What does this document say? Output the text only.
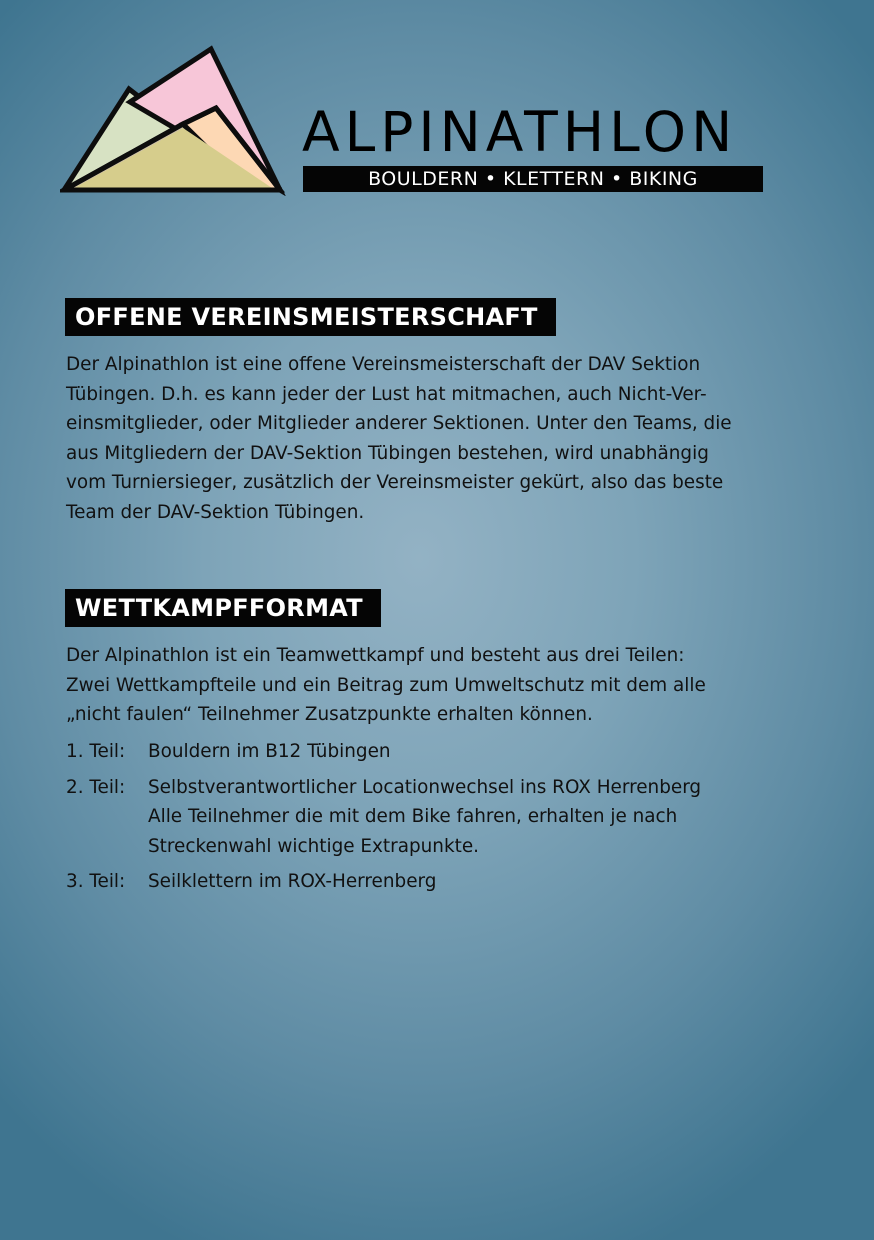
ALPINATHLON
BOULDERN • KLETTERN • BIKING
OFFENE VEREINSMEISTERSCHAFT

Der Alpinathlon ist eine offene Vereinsmeisterschaft der DAV Sektion
Tübingen. D.h. es kann jeder der Lust hat mitmachen, auch Nicht-Ver-
einsmitglieder, oder Mitglieder anderer Sektionen. Unter den Teams, die
aus Mitgliedern der DAV-Sektion Tübingen bestehen, wird unabhängig
vom Turniersieger, zusätzlich der Vereinsmeister gekürt, also das beste
Team der DAV-Sektion Tübingen.

WETTKAMPFFORMAT

Der Alpinathlon ist ein Teamwettkampf und besteht aus drei Teilen:
Zwei Wettkampfteile und ein Beitrag zum Umweltschutz mit dem alle
„nicht faulen“ Teilnehmer Zusatzpunkte erhalten können.

1. Teil:	Bouldern im B12 Tübingen
2. Teil:	Selbstverantwortlicher Locationwechsel ins ROX Herrenberg
Alle Teilnehmer die mit dem Bike fahren, erhalten je nach
Streckenwahl wichtige Extrapunkte.
3. Teil:	Seilklettern im ROX-Herrenberg
